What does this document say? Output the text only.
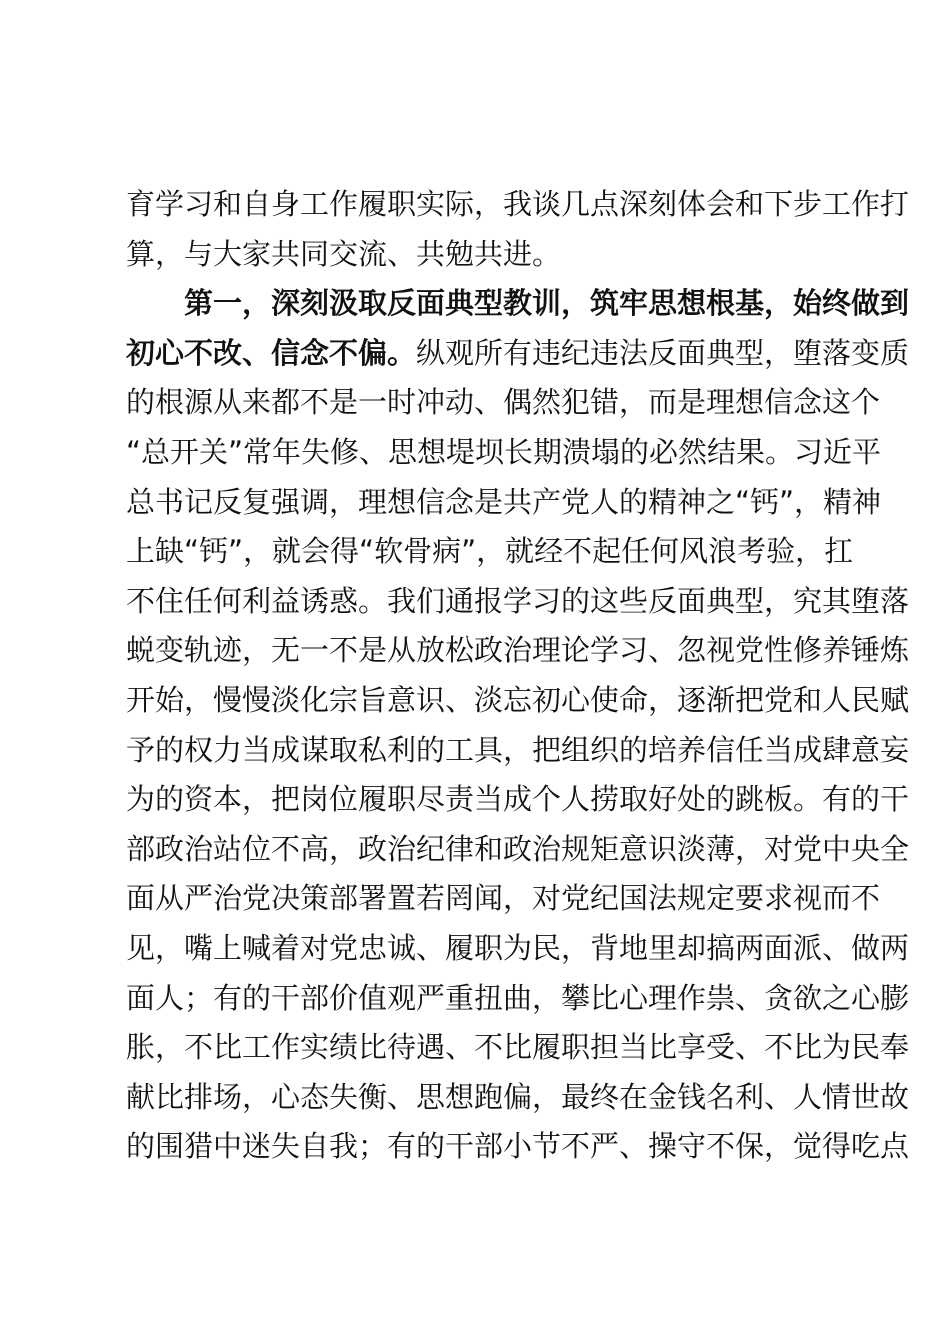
育学习和自身工作履职实际，我谈几点深刻体会和下步工作打
算，与大家共同交流、共勉共进。
第一，深刻汲取反面典型教训，筑牢思想根基，始终做到
初心不改、信念不偏。纵观所有违纪违法反面典型，堕落变质
的根源从来都不是一时冲动、偶然犯错，而是理想信念这个
“总开关”常年失修、思想堤坝长期溃塌的必然结果。习近平
总书记反复强调，理想信念是共产党人的精神之“钙”，精神
上缺“钙”，就会得“软骨病”，就经不起任何风浪考验，扛
不住任何利益诱惑。我们通报学习的这些反面典型，究其堕落
蜕变轨迹，无一不是从放松政治理论学习、忽视党性修养锤炼
开始，慢慢淡化宗旨意识、淡忘初心使命，逐渐把党和人民赋
予的权力当成谋取私利的工具，把组织的培养信任当成肆意妄
为的资本，把岗位履职尽责当成个人捞取好处的跳板。有的干
部政治站位不高，政治纪律和政治规矩意识淡薄，对党中央全
面从严治党决策部署置若罔闻，对党纪国法规定要求视而不
见，嘴上喊着对党忠诚、履职为民，背地里却搞两面派、做两
面人；有的干部价值观严重扭曲，攀比心理作祟、贪欲之心膨
胀，不比工作实绩比待遇、不比履职担当比享受、不比为民奉
献比排场，心态失衡、思想跑偏，最终在金钱名利、人情世故
的围猎中迷失自我；有的干部小节不严、操守不保，觉得吃点
